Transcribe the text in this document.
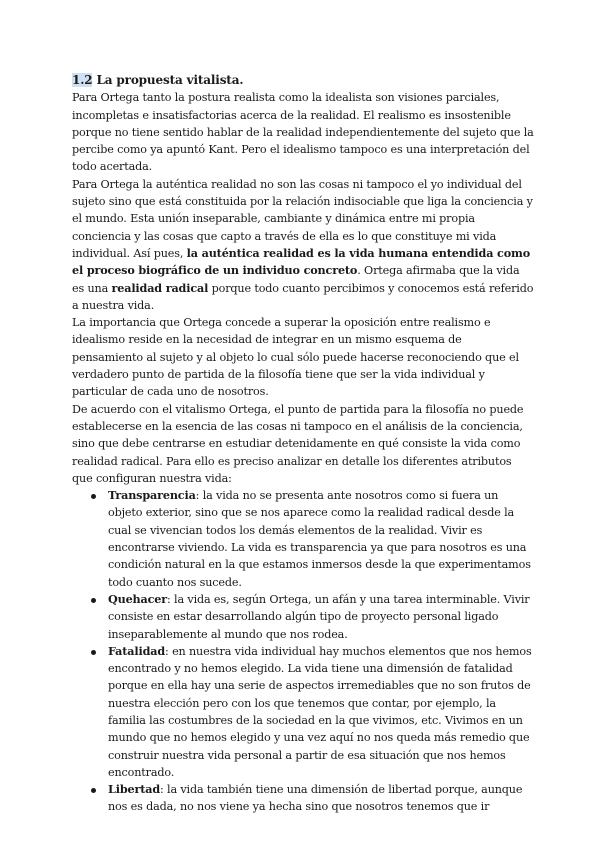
1.2 La propuesta vitalista.

Para Ortega tanto la postura realista como la idealista son visiones parciales, incompletas e insatisfactorias acerca de la realidad. El realismo es insostenible porque no tiene sentido hablar de la realidad independientemente del sujeto que la percibe como ya apuntó Kant. Pero el idealismo tampoco es una interpretación del todo acertada.

Para Ortega la auténtica realidad no son las cosas ni tampoco el yo individual del sujeto sino que está constituida por la relación indisociable que liga la conciencia y el mundo. Esta unión inseparable, cambiante y dinámica entre mi propia conciencia y las cosas que capto a través de ella es lo que constituye mi vida individual. Así pues, la auténtica realidad es la vida humana entendida como el proceso biográfico de un individuo concreto. Ortega afirmaba que la vida es una realidad radical porque todo cuanto percibimos y conocemos está referido a nuestra vida.

La importancia que Ortega concede a superar la oposición entre realismo e idealismo reside en la necesidad de integrar en un mismo esquema de pensamiento al sujeto y al objeto lo cual sólo puede hacerse reconociendo que el verdadero punto de partida de la filosofía tiene que ser la vida individual y particular de cada uno de nosotros.

De acuerdo con el vitalismo Ortega, el punto de partida para la filosofía no puede establecerse en la esencia de las cosas ni tampoco en el análisis de la conciencia, sino que debe centrarse en estudiar detenidamente en qué consiste la vida como realidad radical. Para ello es preciso analizar en detalle los diferentes atributos que configuran nuestra vida:

Transparencia: la vida no se presenta ante nosotros como si fuera un objeto exterior, sino que se nos aparece como la realidad radical desde la cual se vivencian todos los demás elementos de la realidad. Vivir es encontrarse viviendo. La vida es transparencia ya que para nosotros es una condición natural en la que estamos inmersos desde la que experimentamos todo cuanto nos sucede.
Quehacer: la vida es, según Ortega, un afán y una tarea interminable. Vivir consiste en estar desarrollando algún tipo de proyecto personal ligado inseparablemente al mundo que nos rodea.
Fatalidad: en nuestra vida individual hay muchos elementos que nos hemos encontrado y no hemos elegido. La vida tiene una dimensión de fatalidad porque en ella hay una serie de aspectos irremediables que no son frutos de nuestra elección pero con los que tenemos que contar, por ejemplo, la familia las costumbres de la sociedad en la que vivimos, etc. Vivimos en un mundo que no hemos elegido y una vez aquí no nos queda más remedio que construir nuestra vida personal a partir de esa situación que nos hemos encontrado.
Libertad: la vida también tiene una dimensión de libertad porque, aunque nos es dada, no nos viene ya hecha sino que nosotros tenemos que ir
